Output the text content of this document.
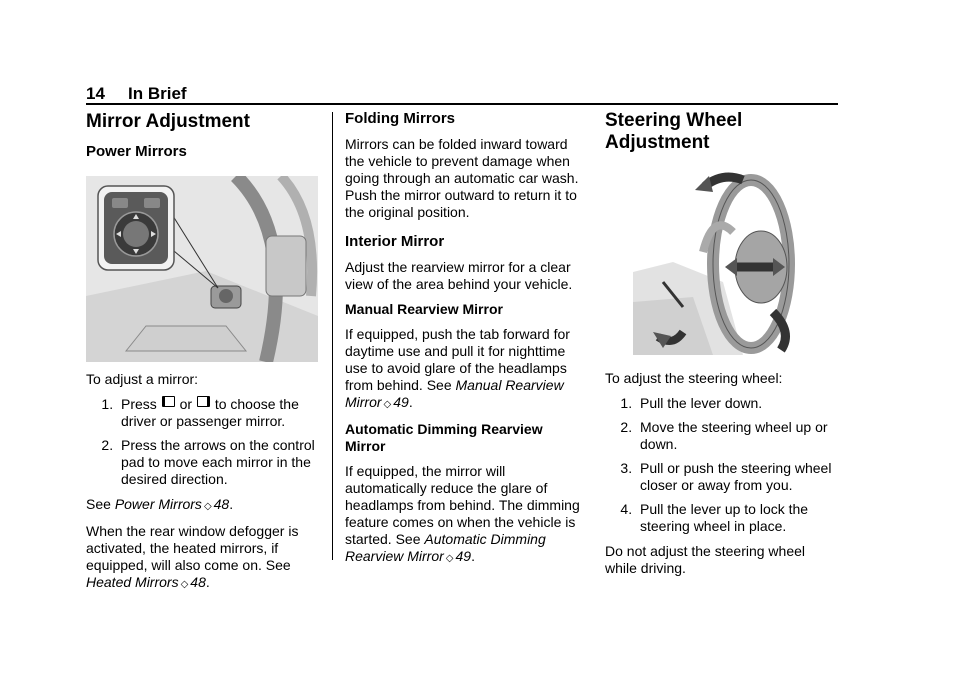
14 In Brief
Mirror Adjustment
Power Mirrors

To adjust a mirror:

1. Press or to choose the driver or passenger mirror.
2. Press the arrows on the control pad to move each mirror in the desired direction.

See Power Mirrors ◇ 48.

When the rear window defogger is activated, the heated mirrors, if equipped, will also come on. See Heated Mirrors ◇ 48.

Folding Mirrors

Mirrors can be folded inward toward the vehicle to prevent damage when going through an automatic car wash. Push the mirror outward to return it to the original position.

Interior Mirror

Adjust the rearview mirror for a clear view of the area behind your vehicle.

Manual Rearview Mirror

If equipped, push the tab forward for daytime use and pull it for nighttime use to avoid glare of the headlamps from behind. See Manual Rearview Mirror ◇ 49.

Automatic Dimming Rearview Mirror

If equipped, the mirror will automatically reduce the glare of headlamps from behind. The dimming feature comes on when the vehicle is started. See Automatic Dimming Rearview Mirror ◇ 49.

Steering Wheel Adjustment

To adjust the steering wheel:

1. Pull the lever down.
2. Move the steering wheel up or down.
3. Pull or push the steering wheel closer or away from you.
4. Pull the lever up to lock the steering wheel in place.

Do not adjust the steering wheel while driving.
